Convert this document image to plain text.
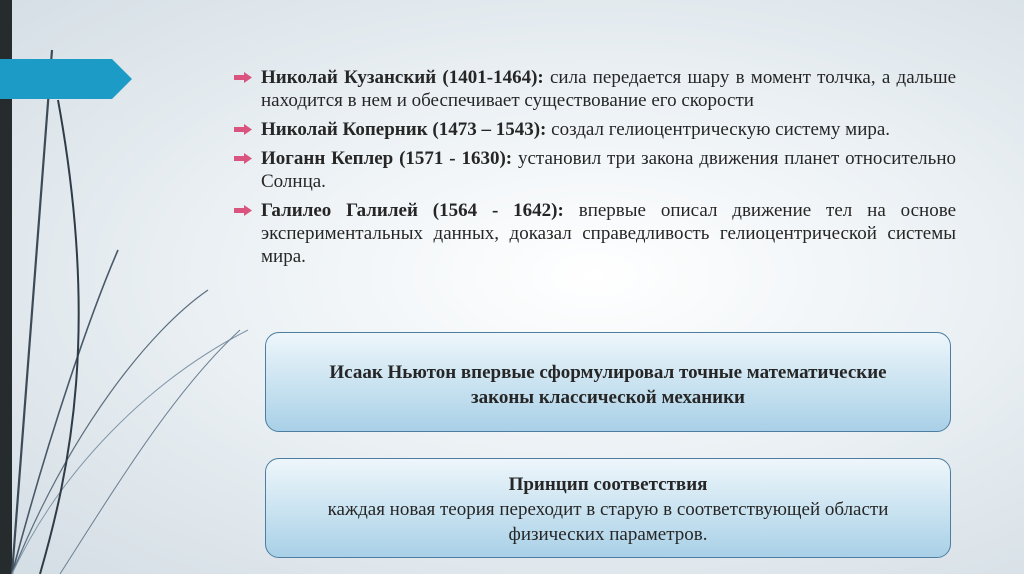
Николай Кузанский (1401-1464): сила передается шару в момент толчка, а дальше находится в нем и обеспечивает существование его скорости
Николай Коперник (1473 – 1543): создал гелиоцентрическую систему мира.
Иоганн Кеплер (1571 - 1630): установил три закона движения планет относительно Солнца.
Галилео Галилей (1564 - 1642): впервые описал движение тел на основе экспериментальных данных, доказал справедливость гелиоцентрической системы мира.
Исаак Ньютон впервые сформулировал точные математические
законы классической механики
Принцип соответствия
каждая новая теория переходит в старую в соответствующей области
физических параметров.
